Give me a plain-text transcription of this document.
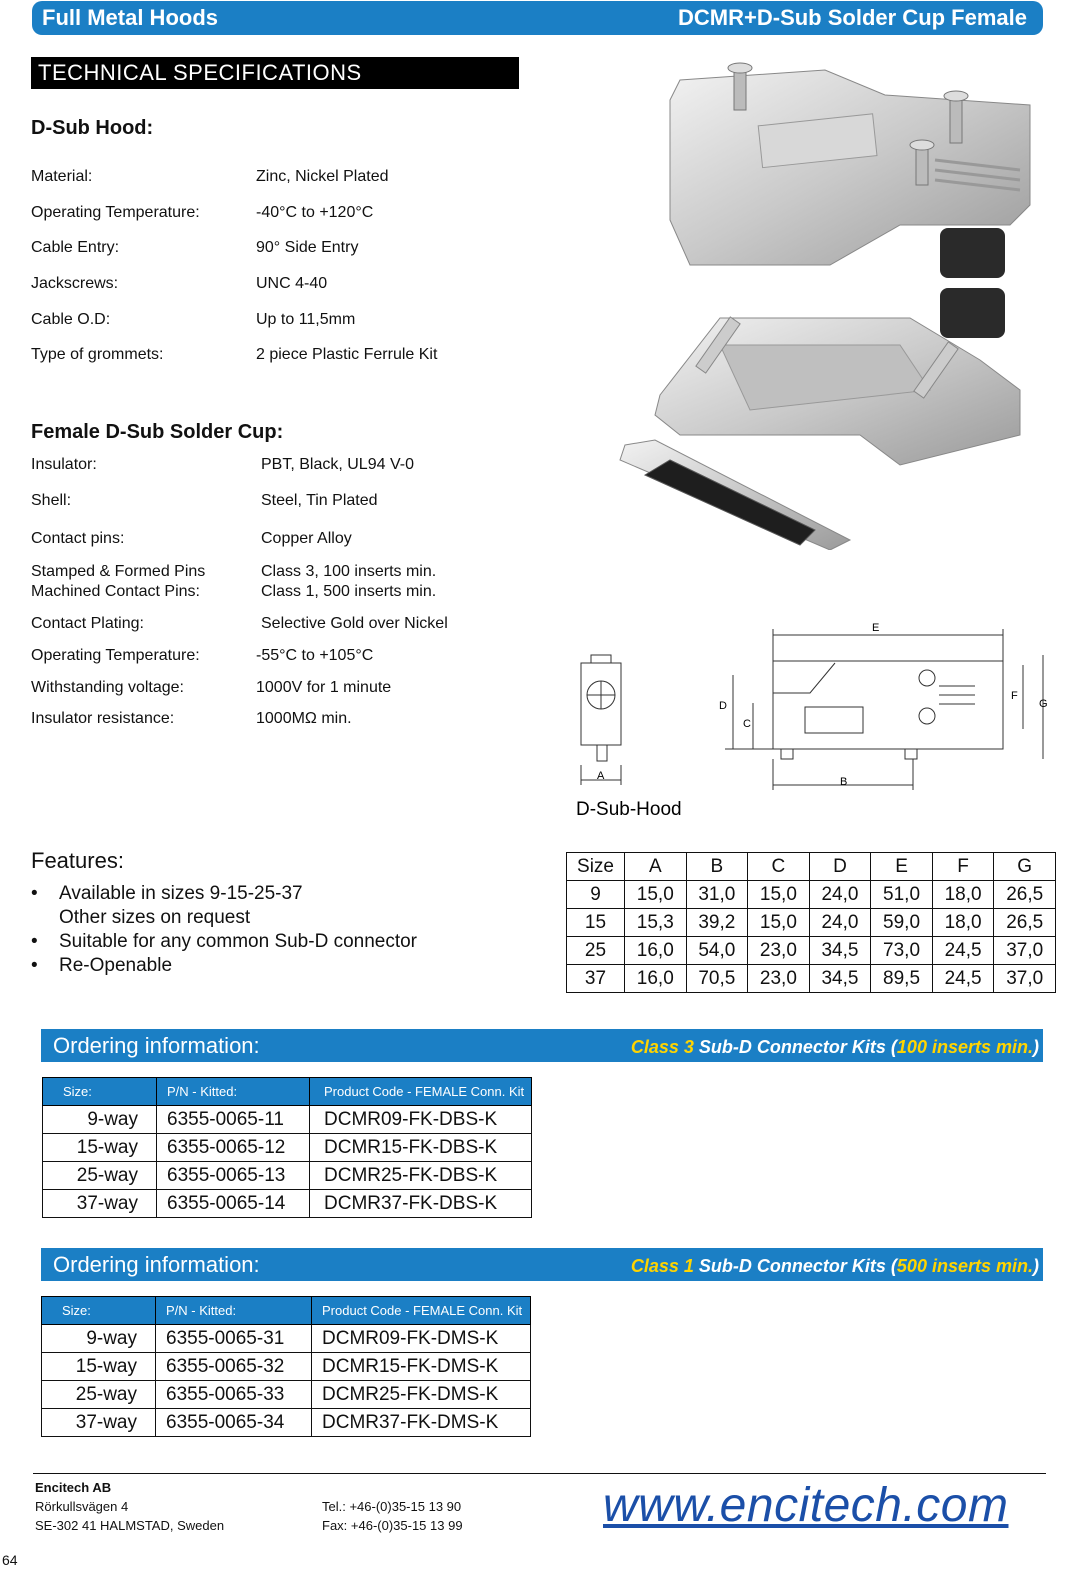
Full Metal Hoods	DCMR+D-Sub Solder Cup Female
TECHNICAL SPECIFICATIONS
D-Sub Hood:
Material:	Zinc, Nickel Plated
Operating Temperature:	-40°C to +120°C
Cable Entry:	90° Side Entry
Jackscrews:	UNC 4-40
Cable O.D:	Up to 11,5mm
Type of grommets:	2 piece Plastic Ferrule Kit
Female D-Sub Solder Cup:
Insulator:	PBT, Black, UL94 V-0
Shell:	Steel, Tin Plated
Contact pins:	Copper Alloy
Stamped & Formed Pins	Class 3, 100 inserts min.
Machined Contact Pins:	Class 1, 500 inserts min.
Contact Plating:	Selective Gold over Nickel
Operating Temperature:	-55°C to +105°C
Withstanding voltage:	1000V for 1 minute
Insulator resistance:	1000MΩ min.
A	B
C
D
E
F
G
D-Sub-Hood
Features:
• Available in sizes 9-15-25-37
Other sizes on request
• Suitable for any common Sub-D connector
• Re-Openable
Size	A	B	C	D	E	F	G
9	15,0	31,0	15,0	24,0	51,0	18,0	26,5
15	15,3	39,2	15,0	24,0	59,0	18,0	26,5
25	16,0	54,0	23,0	34,5	73,0	24,5	37,0
37	16,0	70,5	23,0	34,5	89,5	24,5	37,0
Ordering information:	Class 3 Sub-D Connector Kits (100 inserts min.)
Size:	P/N - Kitted:	Product Code - FEMALE Conn. Kit
9-way	6355-0065-11	DCMR09-FK-DBS-K
15-way	6355-0065-12	DCMR15-FK-DBS-K
25-way	6355-0065-13	DCMR25-FK-DBS-K
37-way	6355-0065-14	DCMR37-FK-DBS-K
Ordering information:	Class 1 Sub-D Connector Kits (500 inserts min.)
Size:	P/N - Kitted:	Product Code - FEMALE Conn. Kit
9-way	6355-0065-31	DCMR09-FK-DMS-K
15-way	6355-0065-32	DCMR15-FK-DMS-K
25-way	6355-0065-33	DCMR25-FK-DMS-K
37-way	6355-0065-34	DCMR37-FK-DMS-K
Encitech AB
Rörkullsvägen 4
SE-302 41 HALMSTAD, Sweden
Tel.: +46-(0)35-15 13 90
Fax: +46-(0)35-15 13 99	www.encitech.com
64
